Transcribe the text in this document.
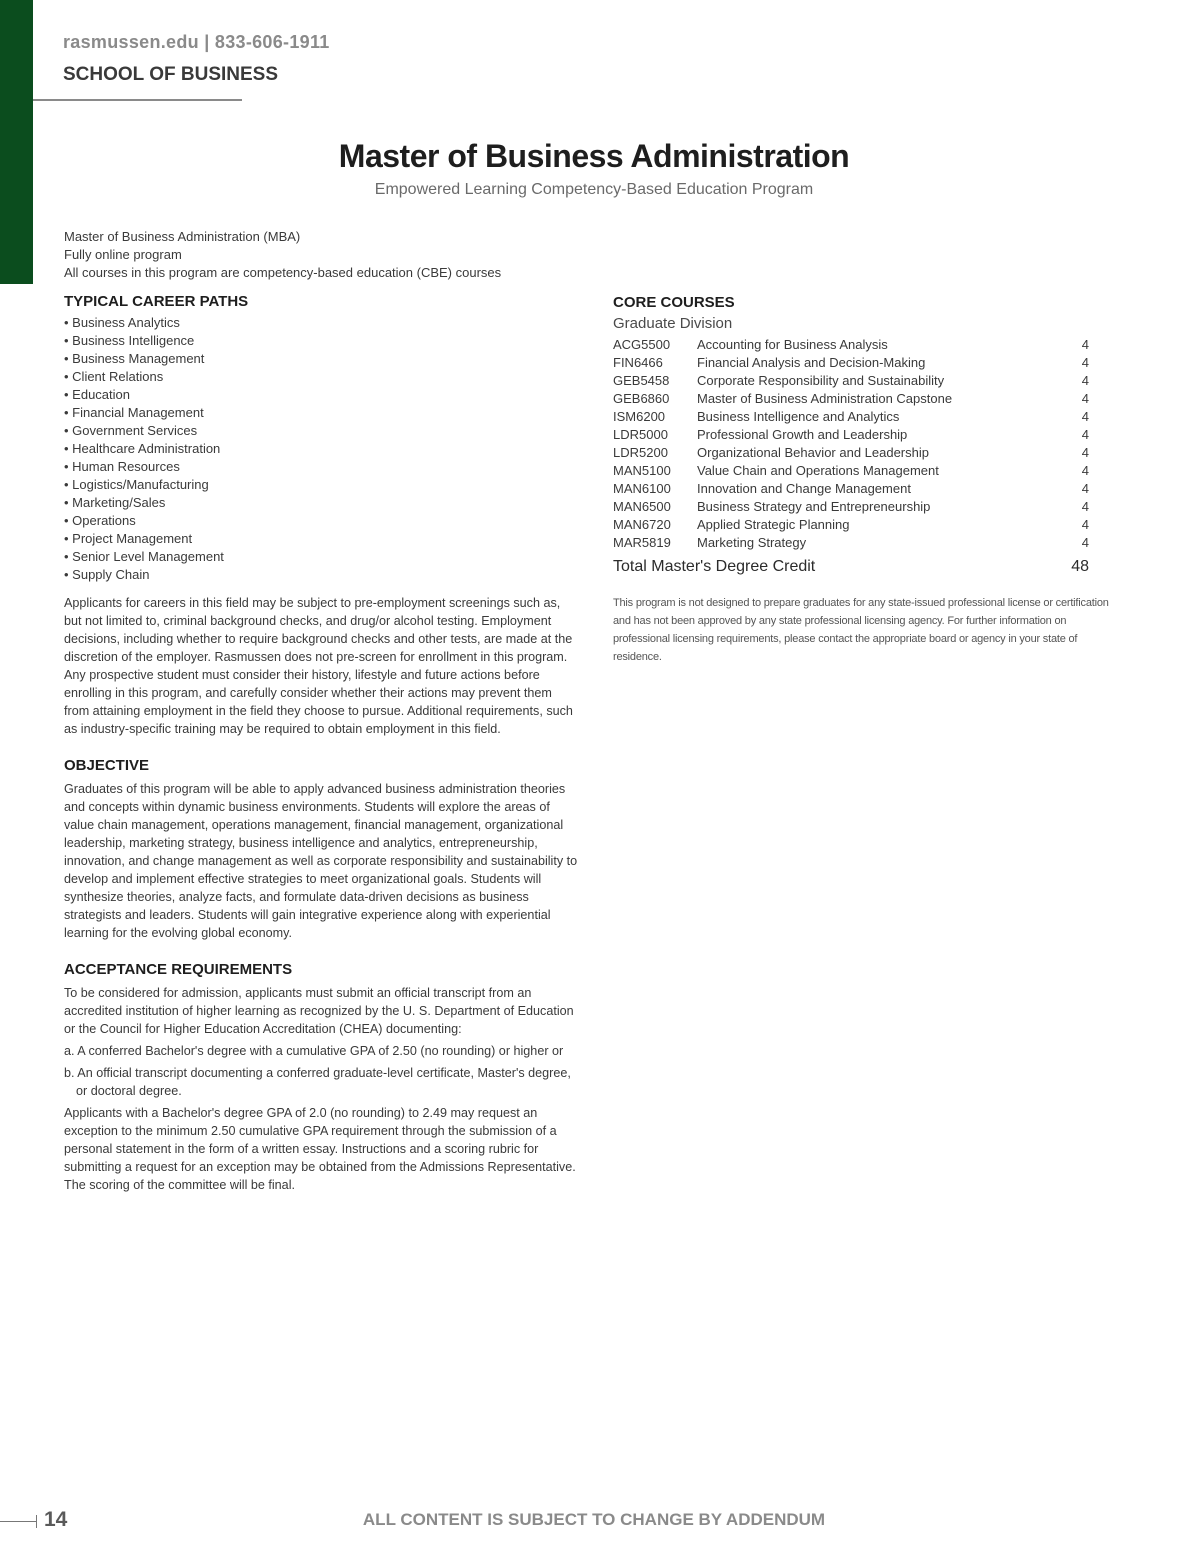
rasmussen.edu | 833-606-1911
SCHOOL OF BUSINESS
Master of Business Administration
Empowered Learning Competency-Based Education Program
Master of Business Administration (MBA)
Fully online program
All courses in this program are competency-based education (CBE) courses
TYPICAL CAREER PATHS
• Business Analytics
• Business Intelligence
• Business Management
• Client Relations
• Education
• Financial Management
• Government Services
• Healthcare Administration
• Human Resources
• Logistics/Manufacturing
• Marketing/Sales
• Operations
• Project Management
• Senior Level Management
• Supply Chain

Applicants for careers in this field may be subject to pre-employment screenings such as, but not limited to, criminal background checks, and drug/or alcohol testing. Employment decisions, including whether to require background checks and other tests, are made at the discretion of the employer. Rasmussen does not pre-screen for enrollment in this program. Any prospective student must consider their history, lifestyle and future actions before enrolling in this program, and carefully consider whether their actions may prevent them from attaining employment in the field they choose to pursue. Additional requirements, such as industry-specific training may be required to obtain employment in this field.

OBJECTIVE

Graduates of this program will be able to apply advanced business administration theories and concepts within dynamic business environments. Students will explore the areas of value chain management, operations management, financial management, organizational leadership, marketing strategy, business intelligence and analytics, entrepreneurship, innovation, and change management as well as corporate responsibility and sustainability to develop and implement effective strategies to meet organizational goals. Students will synthesize theories, analyze facts, and formulate data-driven decisions as business strategists and leaders. Students will gain integrative experience along with experiential learning for the evolving global economy.

ACCEPTANCE REQUIREMENTS

To be considered for admission, applicants must submit an official transcript from an accredited institution of higher learning as recognized by the U. S. Department of Education or the Council for Higher Education Accreditation (CHEA) documenting:

a. A conferred Bachelor's degree with a cumulative GPA of 2.50 (no rounding) or higher or

b. An official transcript documenting a conferred graduate-level certificate, Master's degree, or doctoral degree.

Applicants with a Bachelor's degree GPA of 2.0 (no rounding) to 2.49 may request an exception to the minimum 2.50 cumulative GPA requirement through the submission of a personal statement in the form of a written essay. Instructions and a scoring rubric for submitting a request for an exception may be obtained from the Admissions Representative. The scoring of the committee will be final.

CORE COURSES
Graduate Division
ACG5500	Accounting for Business Analysis	4
FIN6466	Financial Analysis and Decision-Making	4
GEB5458	Corporate Responsibility and Sustainability	4
GEB6860	Master of Business Administration Capstone	4
ISM6200	Business Intelligence and Analytics	4
LDR5000	Professional Growth and Leadership	4
LDR5200	Organizational Behavior and Leadership	4
MAN5100	Value Chain and Operations Management	4
MAN6100	Innovation and Change Management	4
MAN6500	Business Strategy and Entrepreneurship	4
MAN6720	Applied Strategic Planning	4
MAR5819	Marketing Strategy	4
Total Master's Degree Credit	48

This program is not designed to prepare graduates for any state-issued professional license or certification and has not been approved by any state professional licensing agency. For further information on professional licensing requirements, please contact the appropriate board or agency in your state of residence.

14	ALL CONTENT IS SUBJECT TO CHANGE BY ADDENDUM
